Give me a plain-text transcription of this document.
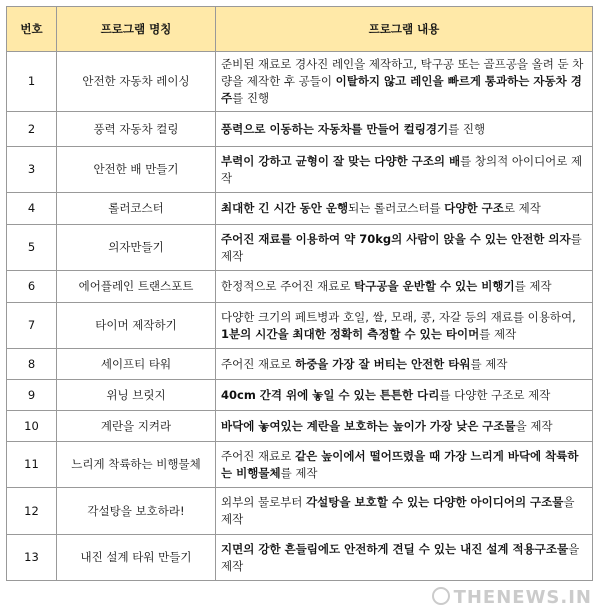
번호	프로그램 명칭	프로그램 내용
1	안전한 자동차 레이싱	준비된 재료로 경사진 레인을 제작하고, 탁구공 또는 골프공을 올려 둔 차량을 제작한 후 공들이 이탈하지 않고 레인을 빠르게 통과하는 자동차 경주를 진행
2	풍력 자동차 컬링	풍력으로 이동하는 자동차를 만들어 컬링경기를 진행
3	안전한 배 만들기	부력이 강하고 균형이 잘 맞는 다양한 구조의 배를 창의적 아이디어로 제작
4	롤러코스터	최대한 긴 시간 동안 운행되는 롤러코스터를 다양한 구조로 제작
5	의자만들기	주어진 재료를 이용하여 약 70kg의 사람이 앉을 수 있는 안전한 의자를 제작
6	에어플레인 트랜스포트	한정적으로 주어진 재료로 탁구공을 운반할 수 있는 비행기를 제작
7	타이머 제작하기	다양한 크기의 페트병과 호일, 쌀, 모래, 콩, 자갈 등의 재료를 이용하여, 1분의 시간을 최대한 정확히 측정할 수 있는 타이머를 제작
8	세이프티 타워	주어진 재료로 하중을 가장 잘 버티는 안전한 타워를 제작
9	위닝 브릿지	40cm 간격 위에 놓일 수 있는 튼튼한 다리를 다양한 구조로 제작
10	계란을 지켜라	바닥에 놓여있는 계란을 보호하는 높이가 가장 낮은 구조물을 제작
11	느리게 착륙하는 비행물체	주어진 재료로 같은 높이에서 떨어뜨렸을 때 가장 느리게 바닥에 착륙하는 비행물체를 제작
12	각설탕을 보호하라!	외부의 물로부터 각설탕을 보호할 수 있는 다양한 아이디어의 구조물을 제작
13	내진 설계 타워 만들기	지면의 강한 흔들림에도 안전하게 견딜 수 있는 내진 설계 적용구조물을 제작
THENEWS.IN
